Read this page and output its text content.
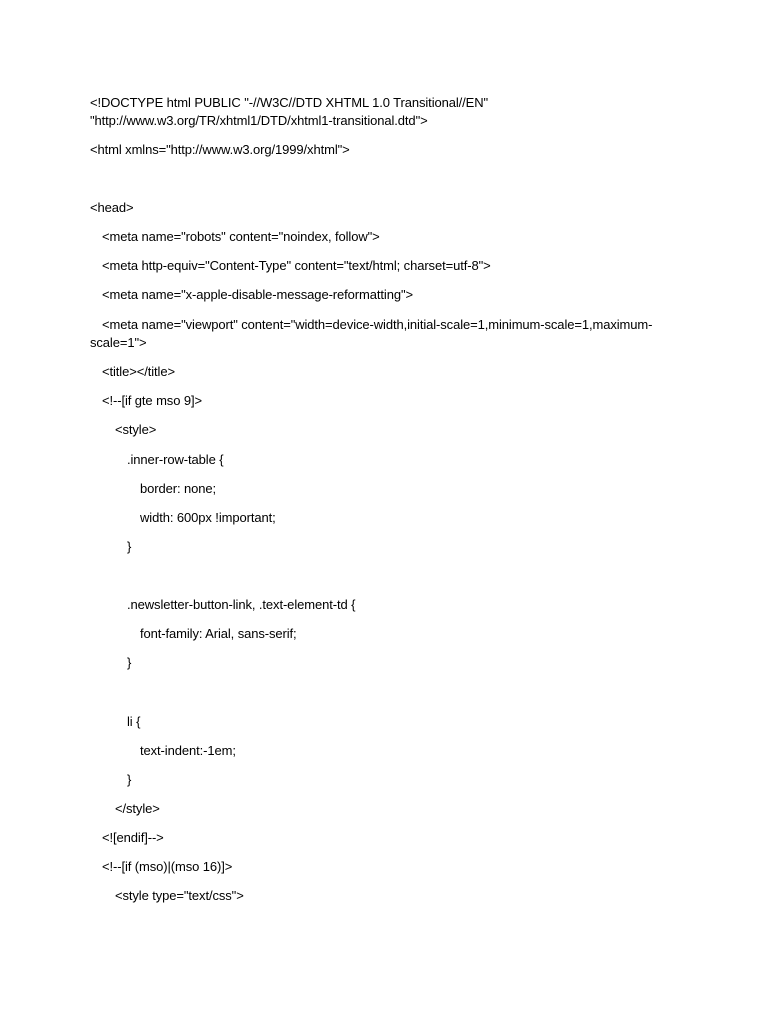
<!DOCTYPE html PUBLIC "-//W3C//DTD XHTML 1.0 Transitional//EN"
"http://www.w3.org/TR/xhtml1/DTD/xhtml1-transitional.dtd">
<html xmlns="http://www.w3.org/1999/xhtml">
<head>
<meta name="robots" content="noindex, follow">
<meta http-equiv="Content-Type" content="text/html; charset=utf-8">
<meta name="x-apple-disable-message-reformatting">
<meta name="viewport" content="width=device-width,initial-scale=1,minimum-scale=1,maximum-
scale=1">
<title></title>
<!--[if gte mso 9]>
<style>
.inner-row-table {
border: none;
width: 600px !important;
}
.newsletter-button-link, .text-element-td {
font-family: Arial, sans-serif;
}
li {
text-indent:-1em;
}
</style>
<![endif]-->
<!--[if (mso)|(mso 16)]>
<style type="text/css">
